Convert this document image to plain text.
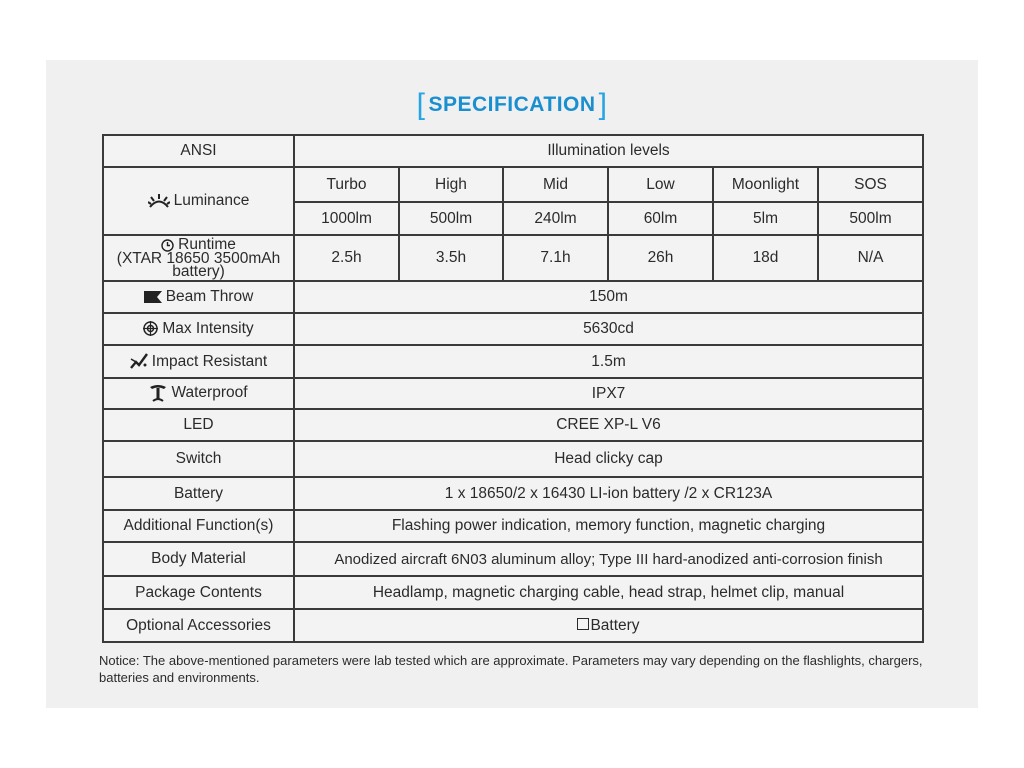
[ SPECIFICATION ]
ANSI	Illumination levels					
Luminance	Turbo	High	Mid	Low	Moonlight	SOS
	1000lm	500lm	240lm	60lm	5lm	500lm

Runtime
(XTAR 18650 3500mAh
battery)	2.5h	3.5h	7.1h	26h	18d	N/A
Beam Throw	150m					
Max Intensity	5630cd					
Impact Resistant	1.5m					
Waterproof	IPX7					
LED	CREE XP-L V6					
Switch	Head clicky cap					
Battery	1 x 18650/2 x 16430 LI-ion battery /2 x CR123A					
Additional Function(s)	Flashing power indication, memory function, magnetic charging					
Body Material	Anodized aircraft 6N03 aluminum alloy; Type III hard-anodized anti-corrosion finish					
Package Contents	Headlamp, magnetic charging cable, head strap, helmet clip, manual					
Optional Accessories	Battery					
Notice: The above-mentioned parameters were lab tested which are approximate. Parameters may vary depending on the flashlights, chargers, batteries and environments.
